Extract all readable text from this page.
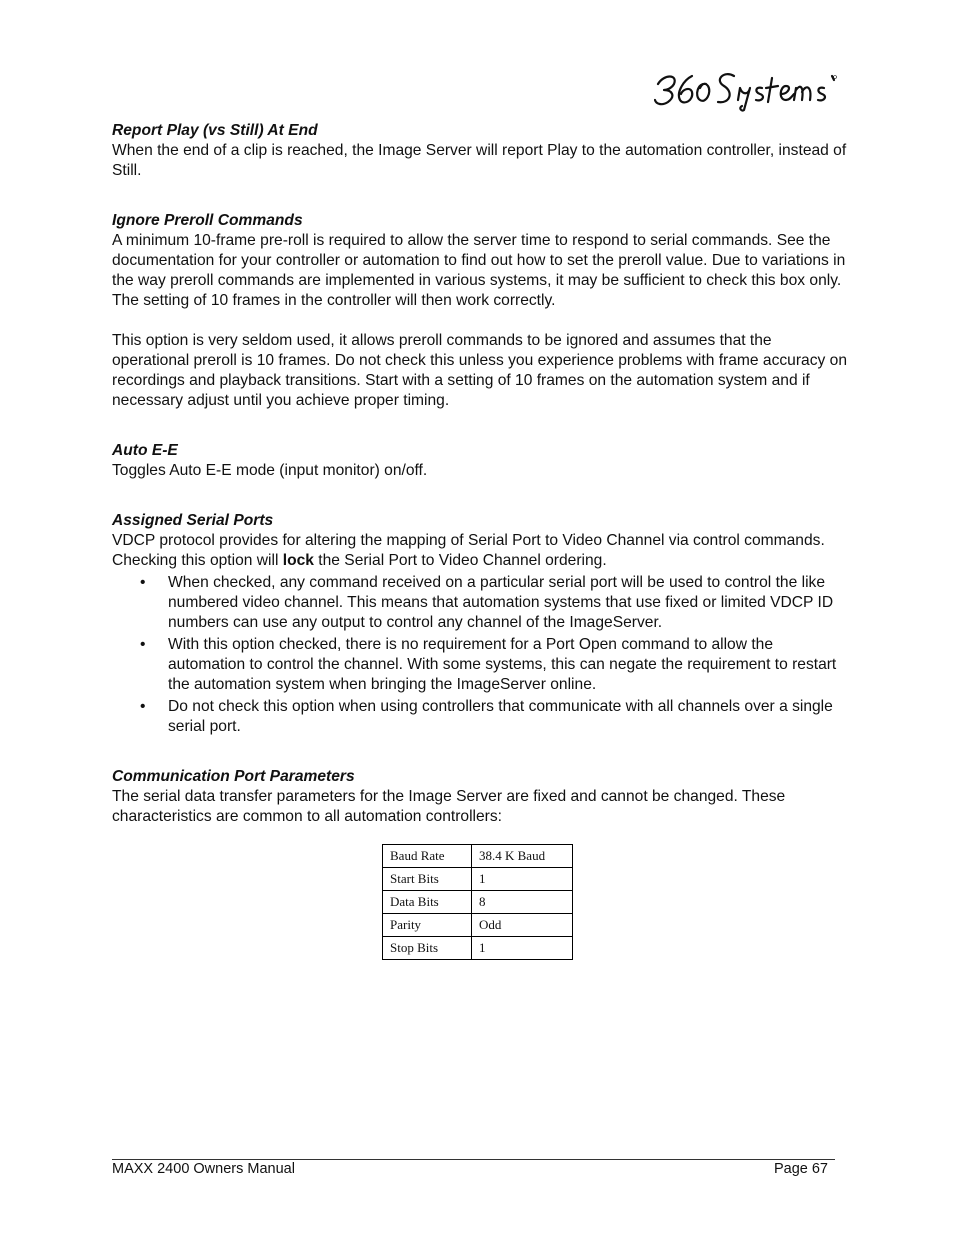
Report Play (vs Still) At End

When the end of a clip is reached, the Image Server will report Play to the automation controller, instead of Still.

Ignore Preroll Commands

A minimum 10-frame pre-roll is required to allow the server time to respond to serial commands. See the documentation for your controller or automation to find out how to set the preroll value. Due to variations in the way preroll commands are implemented in various systems, it may be sufficient to check this box only. The setting of 10 frames in the controller will then work correctly.

This option is very seldom used, it allows preroll commands to be ignored and assumes that the operational preroll is 10 frames. Do not check this unless you experience problems with frame accuracy on recordings and playback transitions. Start with a setting of 10 frames on the automation system and if necessary adjust until you achieve proper timing.

Auto E-E

Toggles Auto E-E mode (input monitor) on/off.

Assigned Serial Ports

VDCP protocol provides for altering the mapping of Serial Port to Video Channel via control commands. Checking this option will lock the Serial Port to Video Channel ordering.

• When checked, any command received on a particular serial port will be used to control the like numbered video channel. This means that automation systems that use fixed or limited VDCP ID numbers can use any output to control any channel of the ImageServer.
• With this option checked, there is no requirement for a Port Open command to allow the automation to control the channel. With some systems, this can negate the requirement to restart the automation system when bringing the ImageServer online.
• Do not check this option when using controllers that communicate with all channels over a single serial port.

Communication Port Parameters

The serial data transfer parameters for the Image Server are fixed and cannot be changed. These characteristics are common to all automation controllers:

Baud Rate	38.4 K Baud
Start Bits	1
Data Bits	8
Parity	Odd
Stop Bits	1
MAXX 2400 Owners Manual	Page 67
